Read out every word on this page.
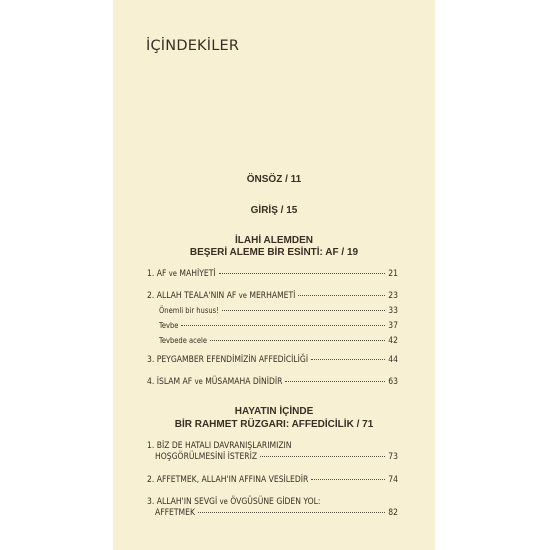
İÇİNDEKİLER
ÖNSÖZ / 11
GİRİŞ / 15
İLAHİ ALEMDEN
BEŞERİ ALEME BİR ESİNTİ: AF / 19
1. AF ve MAHİYETİ	21
2. ALLAH TEALA'NIN AF ve MERHAMETİ	23
Önemli bir husus!	33
Tevbe	37
Tevbede acele	42
3. PEYGAMBER EFENDİMİZİN AFFEDİCİLİĞİ	44
4. İSLAM AF ve MÜSAMAHA DİNİDİR	63
HAYATIN İÇİNDE
BİR RAHMET RÜZGARI: AFFEDİCİLİK / 71
1. BİZ DE HATALI DAVRANIŞLARIMIZIN
HOŞGÖRÜLMESİNİ İSTERİZ	73
2. AFFETMEK, ALLAH'IN AFFINA VESİLEDİR	74
3. ALLAH'IN SEVGİ ve ÖVGÜSÜNE GİDEN YOL:
AFFETMEK	82
